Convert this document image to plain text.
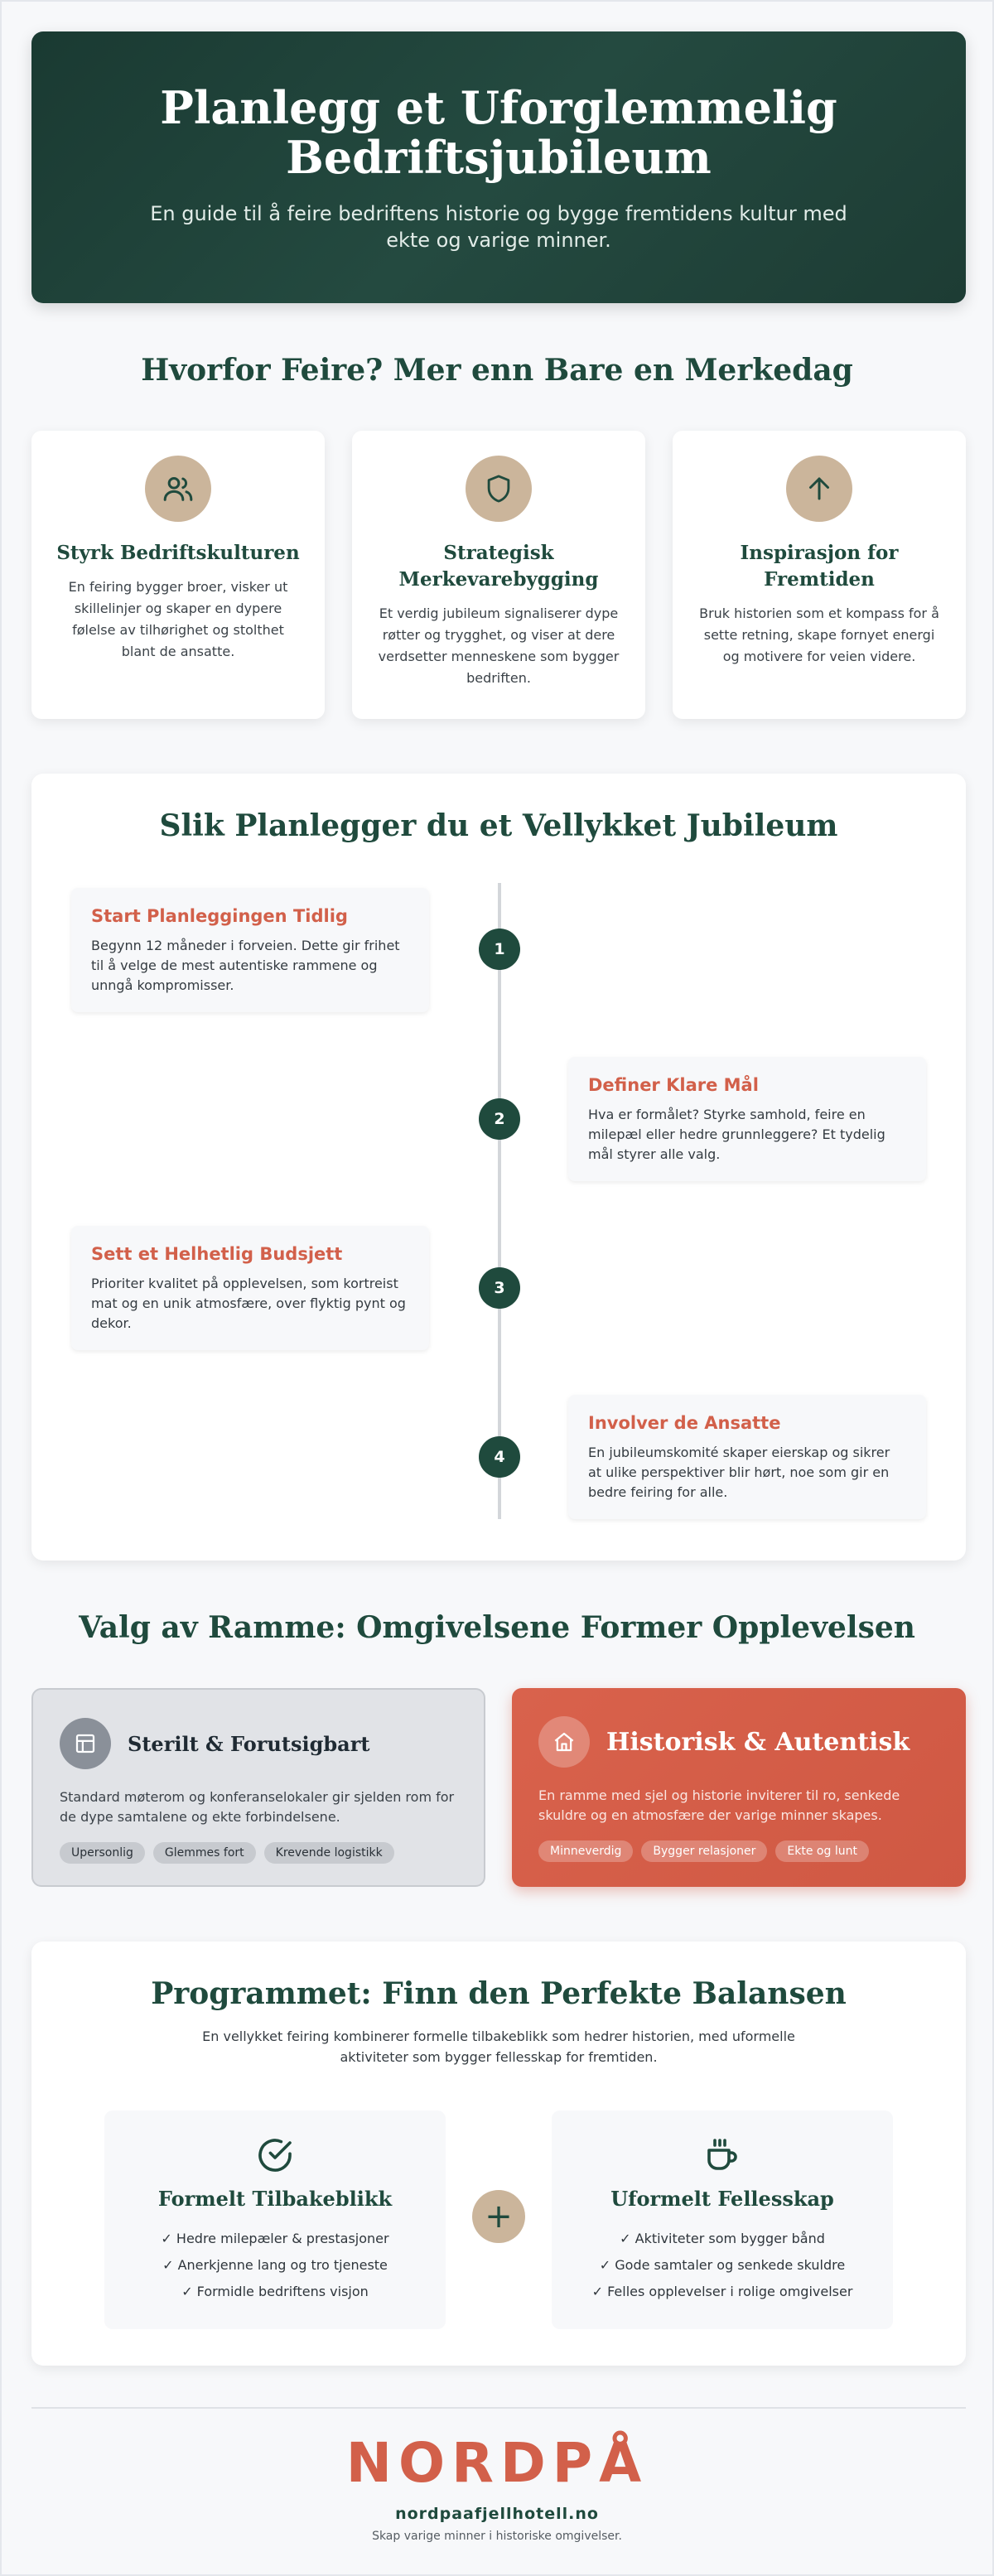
Planlegg et Uforglemmelig
Bedriftsjubileum

En guide til å feire bedriftens historie og bygge fremtidens kultur med ekte og varige minner.

Hvorfor Feire? Mer enn Bare en Merkedag
Styrk Bedriftskulturen

En feiring bygger broer, visker ut skillelinjer og skaper en dypere følelse av tilhørighet og stolthet blant de ansatte.

Strategisk Merkevarebygging

Et verdig jubileum signaliserer dype røtter og trygghet, og viser at dere verdsetter menneskene som bygger bedriften.

Inspirasjon for Fremtiden

Bruk historien som et kompass for å sette retning, skape fornyet energi og motivere for veien videre.

Slik Planlegger du et Vellykket Jubileum
Start Planleggingen Tidlig

Begynn 12 måneder i forveien. Dette gir frihet til å velge de mest autentiske rammene og unngå kompromisser.

1
Definer Klare Mål

Hva er formålet? Styrke samhold, feire en milepæl eller hedre grunnleggere? Et tydelig mål styrer alle valg.

2
Sett et Helhetlig Budsjett

Prioriter kvalitet på opplevelsen, som kortreist mat og en unik atmosfære, over flyktig pynt og dekor.

3
Involver de Ansatte

En jubileumskomité skaper eierskap og sikrer at ulike perspektiver blir hørt, noe som gir en bedre feiring for alle.

4
Valg av Ramme: Omgivelsene Former Opplevelsen
Sterilt & Forutsigbart

Standard møterom og konferanselokaler gir sjelden rom for de dype samtalene og ekte forbindelsene.

Upersonlig	Glemmes fort	Krevende logistikk
Historisk & Autentisk

En ramme med sjel og historie inviterer til ro, senkede skuldre og en atmosfære der varige minner skapes.

Minneverdig	Bygger relasjoner	Ekte og lunt
Programmet: Finn den Perfekte Balansen

En vellykket feiring kombinerer formelle tilbakeblikk som hedrer historien, med uformelle aktiviteter som bygger fellesskap for fremtiden.

Formelt Tilbakeblikk
✓ Hedre milepæler & prestasjoner
✓ Anerkjenne lang og tro tjeneste
✓ Formidle bedriftens visjon
+	Uformelt Fellesskap
✓ Aktiviteter som bygger bånd
✓ Gode samtaler og senkede skuldre
✓ Felles opplevelser i rolige omgivelser
NORDPÅ
nordpaafjellhotell.no
Skap varige minner i historiske omgivelser.
